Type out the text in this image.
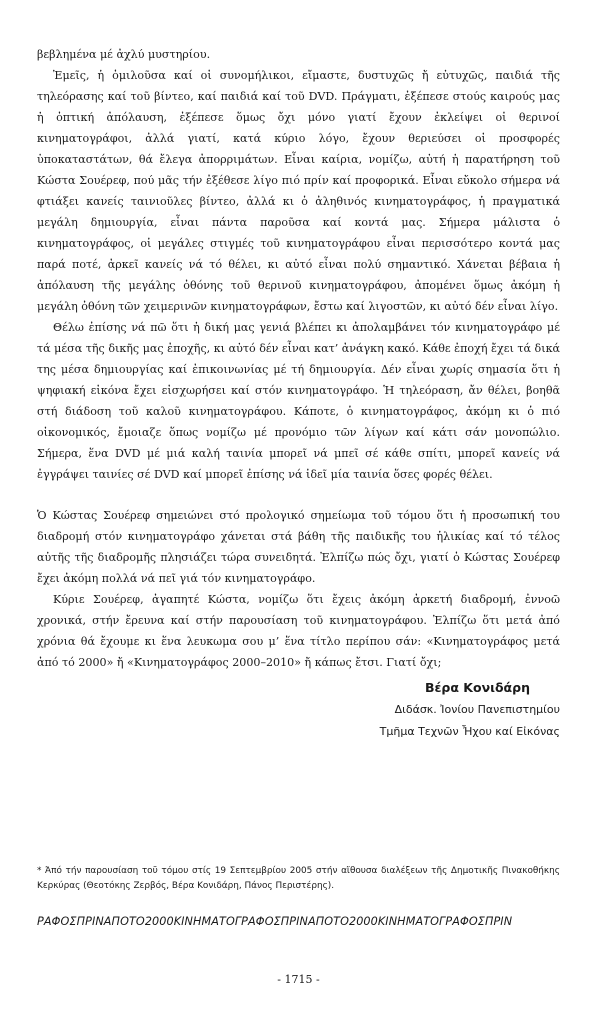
βεβλημένα μέ ἀχλύ μυστηρίου.

Ἐμεῖς, ἡ ὁμιλοῦσα καί οἱ συνομήλικοι, εἴμαστε, δυστυχῶς ἤ εὐτυχῶς, παιδιά τῆς τηλεόρασης καί τοῦ βίντεο, καί παιδιά καί τοῦ DVD. Πράγματι, ἐξέπεσε στούς καιρούς μας ἡ ὀπτική ἀπόλαυση, ἐξέπεσε ὅμως ὄχι μόνο γιατί ἔχουν ἐκλείψει οἱ θερινοί κινηματογράφοι, ἀλλά γιατί, κατά κύριο λόγο, ἔχουν θεριεύσει οἱ προσφορές ὑποκαταστάτων, θά ἔλεγα ἀπορριμάτων. Εἶναι καίρια, νομίζω, αὐτή ἡ παρατήρηση τοῦ Κώστα Σουέρεφ, πού μᾶς τήν ἐξέθεσε λίγο πιό πρίν καί προφορικά. Εἶναι εὔκολο σήμερα νά φτιάξει κανείς ταινιοῦλες βίντεο, ἀλλά κι ὁ ἀληθινός κινηματογράφος, ἡ πραγματικά μεγάλη δημιουργία, εἶναι πάντα παροῦσα καί κοντά μας. Σήμερα μάλιστα ὁ κινηματογράφος, οἱ μεγάλες στιγμές τοῦ κινηματογράφου εἶναι περισσότερο κοντά μας παρά ποτέ, ἀρκεῖ κανείς νά τό θέλει, κι αὐτό εἶναι πολύ σημαντικό. Χάνεται βέβαια ἡ ἀπόλαυση τῆς μεγάλης ὀθόνης τοῦ θερινοῦ κινηματογράφου, ἀπομένει ὅμως ἀκόμη ἡ μεγάλη ὀθόνη τῶν χειμερινῶν κινηματογράφων, ἔστω καί λιγοστῶν, κι αὐτό δέν εἶναι λίγο.

Θέλω ἐπίσης νά πῶ ὅτι ἡ δική μας γενιά βλέπει κι ἀπολαμβάνει τόν κινηματογράφο μέ τά μέσα τῆς δικῆς μας ἐποχῆς, κι αὐτό δέν εἶναι κατ’ ἀνάγκη κακό. Κάθε ἐποχή ἔχει τά δικά της μέσα δημιουργίας καί ἐπικοινωνίας μέ τή δημιουργία. Δέν εἶναι χωρίς σημασία ὅτι ἡ ψηφιακή εἰκόνα ἔχει εἰσχωρήσει καί στόν κινηματογράφο. Ἡ τηλεόραση, ἄν θέλει, βοηθᾶ στή διάδοση τοῦ καλοῦ κινηματογράφου. Κάποτε, ὁ κινηματογράφος, ἀκόμη κι ὁ πιό οἰκονομικός, ἔμοιαζε ὅπως νομίζω μέ προνόμιο τῶν λίγων καί κάτι σάν μονοπώλιο. Σήμερα, ἕνα DVD μέ μιά καλή ταινία μπορεῖ νά μπεῖ σέ κάθε σπίτι, μπορεῖ κανείς νά ἐγγράψει ταινίες σέ DVD καί μπορεῖ ἐπίσης νά ἰδεῖ μία ταινία ὅσες φορές θέλει.

Ὁ Κώστας Σουέρεφ σημειώνει στό προλογικό σημείωμα τοῦ τόμου ὅτι ἡ προσωπική του διαδρομή στόν κινηματογράφο χάνεται στά βάθη τῆς παιδικῆς του ἡλικίας καί τό τέλος αὐτῆς τῆς διαδρομῆς πλησιάζει τώρα συνειδητά. Ἐλπίζω πώς ὄχι, γιατί ὁ Κώστας Σουέρεφ ἔχει ἀκόμη πολλά νά πεῖ γιά τόν κινηματογράφο.

Κύριε Σουέρεφ, ἀγαπητέ Κώστα, νομίζω ὅτι ἔχεις ἀκόμη ἀρκετή διαδρομή, ἐννοῶ χρονικά, στήν ἔρευνα καί στήν παρουσίαση τοῦ κινηματογράφου. Ἐλπίζω ὅτι μετά ἀπό χρόνια θά ἔχουμε κι ἕνα λευκωμα σου μ’ ἕνα τίτλο περίπου σάν: «Κινηματογράφος μετά ἀπό τό 2000» ἤ «Κινηματογράφος 2000–2010» ἤ κάπως ἔτσι. Γιατί ὄχι;

Βέρα Κονιδάρη
Διδάσκ. Ἰονίου Πανεπιστημίου
Τμῆμα Τεχνῶν Ἦχου καί Εἰκόνας
* Ἀπό τήν παρουσίαση τοῦ τόμου στίς 19 Σεπτεμβρίου 2005 στήν αἴθουσα διαλέξεων τῆς Δημοτικῆς Πινακοθήκης Κερκύρας (Θεοτόκης Ζερβός, Βέρα Κονιδάρη, Πάνος Περιστέρης).
ΡΑΦΟΣΠΡΙΝΑΠΟΤΟ2000ΚΙΝΗΜΑΤΟΓΡΑΦΟΣΠΡΙΝΑΠΟΤΟ2000ΚΙΝΗΜΑΤΟΓΡΑΦΟΣΠΡΙΝ
- 1715 -
